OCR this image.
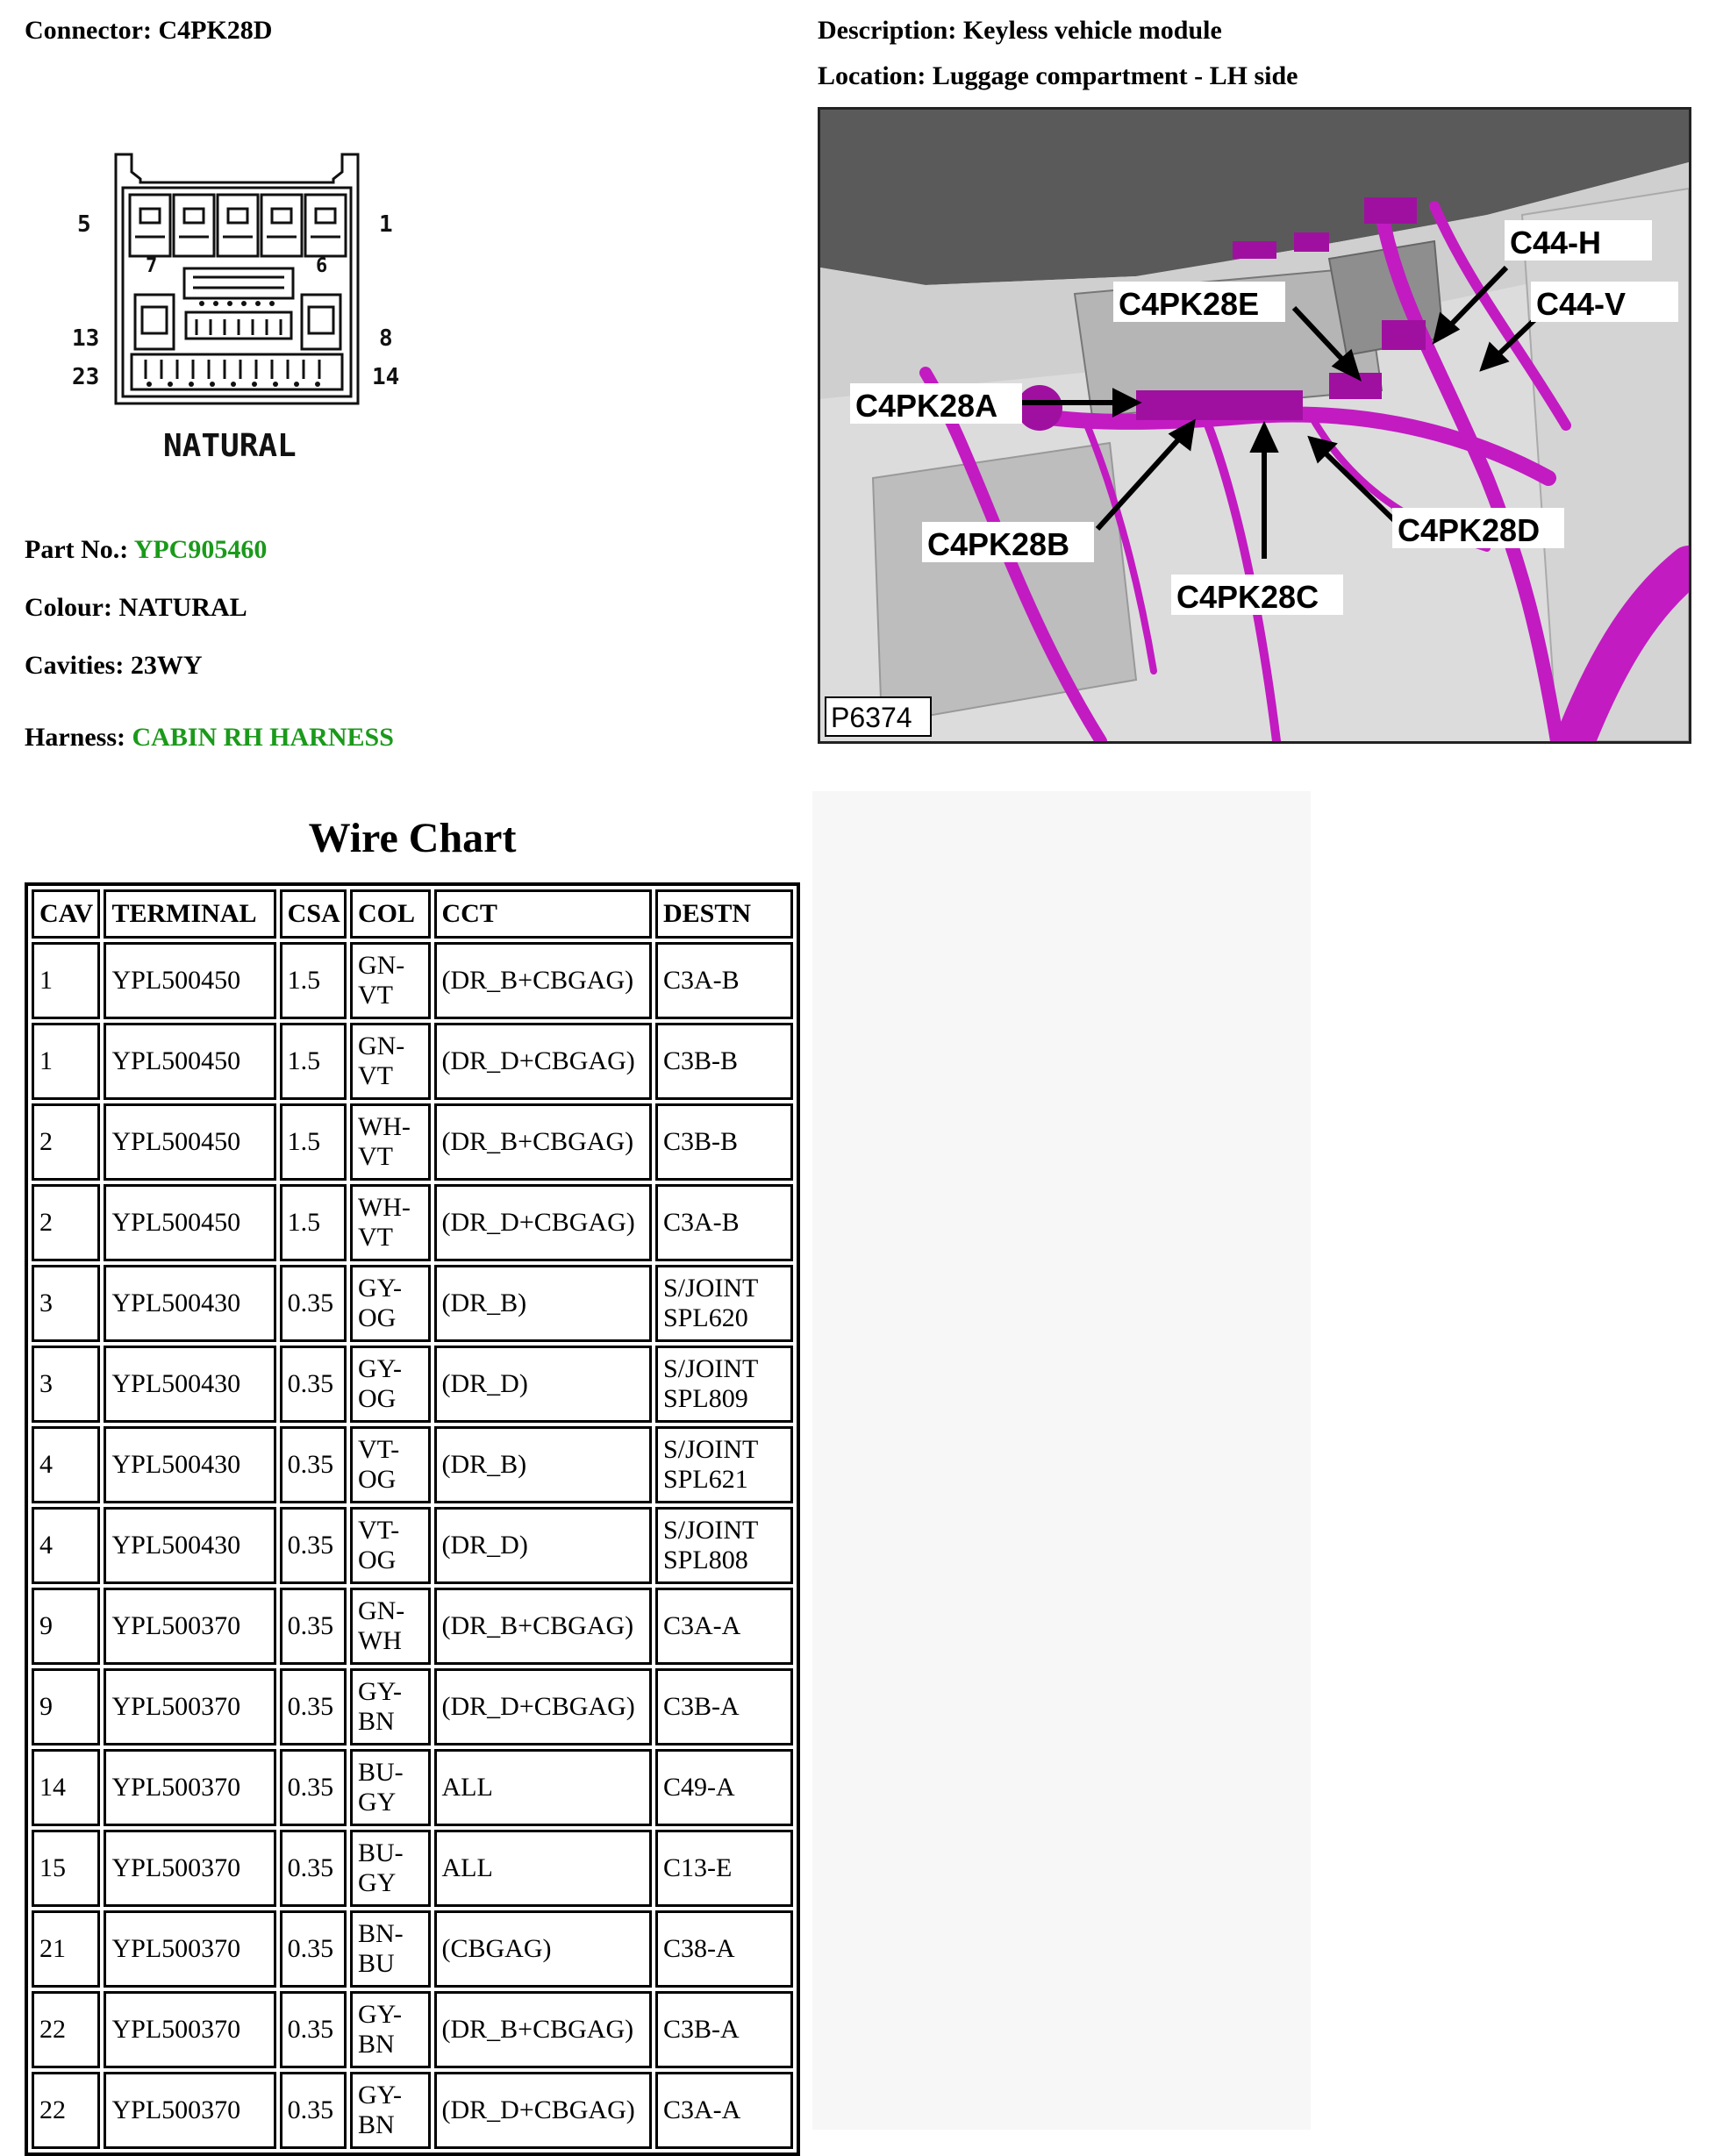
Connector: C4PK28D	Description: Keyless vehicle module
Location: Luggage compartment - LH side
5	1
7	6
13	8
23	14
NATURAL
Part No.: YPC905460
Colour: NATURAL
Cavities: 23WY
Harness: CABIN RH HARNESS
C44-H
C44-V
C4PK28E
C4PK28A
C4PK28B
C4PK28C
C4PK28D
P6374
Wire Chart
CAV	TERMINAL	CSA	COL	CCT	DESTN
1	YPL500450	1.5	GN-VT	(DR_B+CBGAG)	C3A-B
1	YPL500450	1.5	GN-VT	(DR_D+CBGAG)	C3B-B
2	YPL500450	1.5	WH-VT	(DR_B+CBGAG)	C3B-B
2	YPL500450	1.5	WH-VT	(DR_D+CBGAG)	C3A-B
3	YPL500430	0.35	GY-OG	(DR_B)	S/JOINT SPL620
3	YPL500430	0.35	GY-OG	(DR_D)	S/JOINT SPL809
4	YPL500430	0.35	VT-OG	(DR_B)	S/JOINT SPL621
4	YPL500430	0.35	VT-OG	(DR_D)	S/JOINT SPL808
9	YPL500370	0.35	GN-WH	(DR_B+CBGAG)	C3A-A
9	YPL500370	0.35	GY-BN	(DR_D+CBGAG)	C3B-A
14	YPL500370	0.35	BU-GY	ALL	C49-A
15	YPL500370	0.35	BU-GY	ALL	C13-E
21	YPL500370	0.35	BN-BU	(CBGAG)	C38-A
22	YPL500370	0.35	GY-BN	(DR_B+CBGAG)	C3B-A
22	YPL500370	0.35	GY-BN	(DR_D+CBGAG)	C3A-A
